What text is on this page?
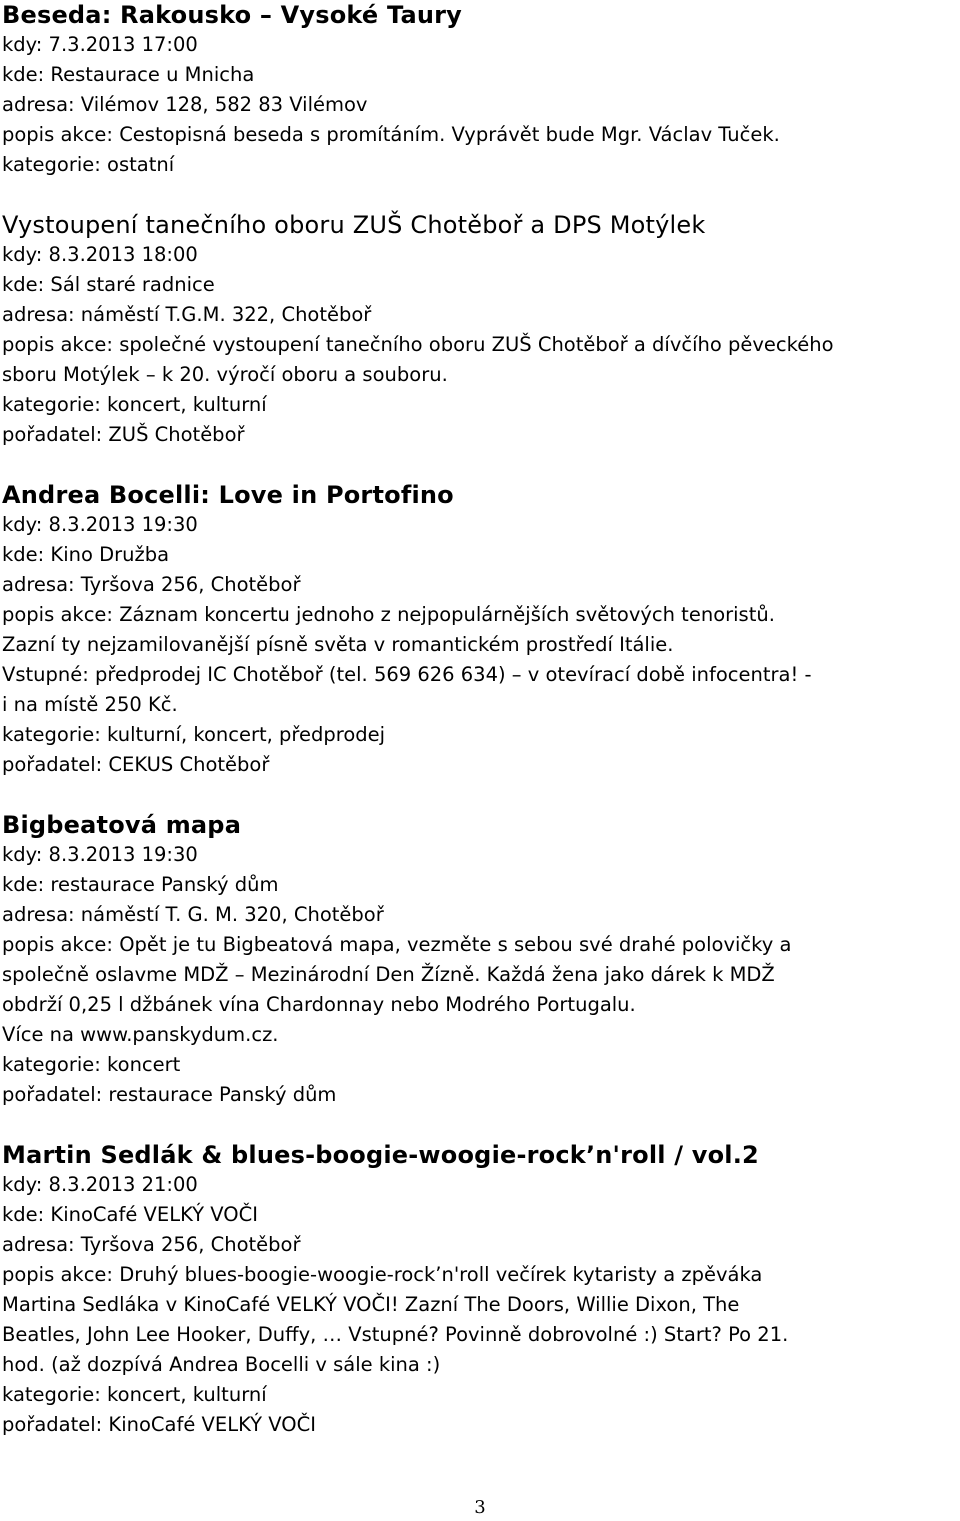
Beseda: Rakousko – Vysoké Taury

kdy: 7.3.2013 17:00

kde: Restaurace u Mnicha

adresa: Vilémov 128, 582 83 Vilémov

popis akce: Cestopisná beseda s promítáním. Vyprávět bude Mgr. Václav Tuček.

kategorie: ostatní

Vystoupení tanečního oboru ZUŠ Chotěboř a DPS Motýlek

kdy: 8.3.2013 18:00

kde: Sál staré radnice

adresa: náměstí T.G.M. 322, Chotěboř

popis akce: společné vystoupení tanečního oboru ZUŠ Chotěboř a dívčího pěveckého
sboru Motýlek – k 20. výročí oboru a souboru.

kategorie: koncert, kulturní

pořadatel: ZUŠ Chotěboř

Andrea Bocelli: Love in Portofino

kdy: 8.3.2013 19:30

kde: Kino Družba

adresa: Tyršova 256, Chotěboř

popis akce: Záznam koncertu jednoho z nejpopulárnějších světových tenoristů.
Zazní ty nejzamilovanější písně světa v romantickém prostředí Itálie.
Vstupné: předprodej IC Chotěboř (tel. 569 626 634) – v otevírací době infocentra! -
i na místě 250 Kč.

kategorie: kulturní, koncert, předprodej

pořadatel: CEKUS Chotěboř

Bigbeatová mapa

kdy: 8.3.2013 19:30

kde: restaurace Panský dům

adresa: náměstí T. G. M. 320, Chotěboř

popis akce: Opět je tu Bigbeatová mapa, vezměte s sebou své drahé polovičky a
společně oslavme MDŽ – Mezinárodní Den Žízně. Každá žena jako dárek k MDŽ
obdrží 0,25 l džbánek vína Chardonnay nebo Modrého Portugalu.
Více na www.panskydum.cz.

kategorie: koncert

pořadatel: restaurace Panský dům

Martin Sedlák & blues-boogie-woogie-rock’n'roll / vol.2

kdy: 8.3.2013 21:00

kde: KinoCafé VELKÝ VOČI

adresa: Tyršova 256, Chotěboř

popis akce: Druhý blues-boogie-woogie-rock’n'roll večírek kytaristy a zpěváka
Martina Sedláka v KinoCafé VELKÝ VOČI! Zazní The Doors, Willie Dixon, The
Beatles, John Lee Hooker, Duffy, … Vstupné? Povinně dobrovolné :) Start? Po 21.
hod. (až dozpívá Andrea Bocelli v sále kina :)

kategorie: koncert, kulturní

pořadatel: KinoCafé VELKÝ VOČI

3
